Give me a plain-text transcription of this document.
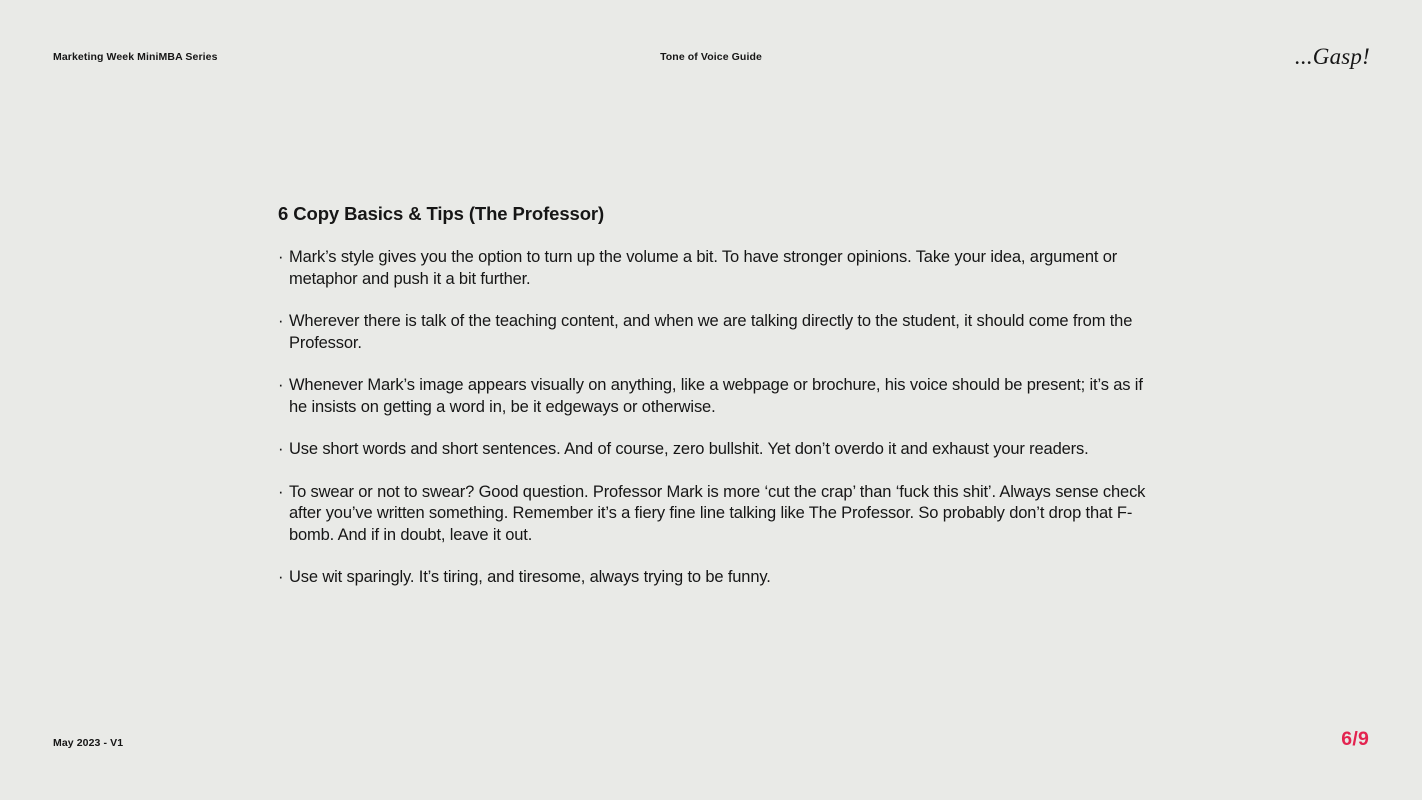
Marketing Week MiniMBA Series	Tone of Voice Guide	...Gasp!
6 Copy Basics & Tips (The Professor)
· Mark’s style gives you the option to turn up the volume a bit. To have stronger opinions. Take your idea, argument or metaphor and push it a bit further.
· Wherever there is talk of the teaching content, and when we are talking directly to the student, it should come from the Professor.
· Whenever Mark’s image appears visually on anything, like a webpage or brochure, his voice should be present; it’s as if he insists on getting a word in, be it edgeways or otherwise.
· Use short words and short sentences. And of course, zero bullshit. Yet don’t overdo it and exhaust your readers.
· To swear or not to swear? Good question. Professor Mark is more ‘cut the crap’ than ‘fuck this shit’. Always sense check after you’ve written something. Remember it’s a fiery fine line talking like The Professor. So probably don’t drop that F-bomb. And if in doubt, leave it out.
· Use wit sparingly. It’s tiring, and tiresome, always trying to be funny.
May 2023 - V1	6/9
